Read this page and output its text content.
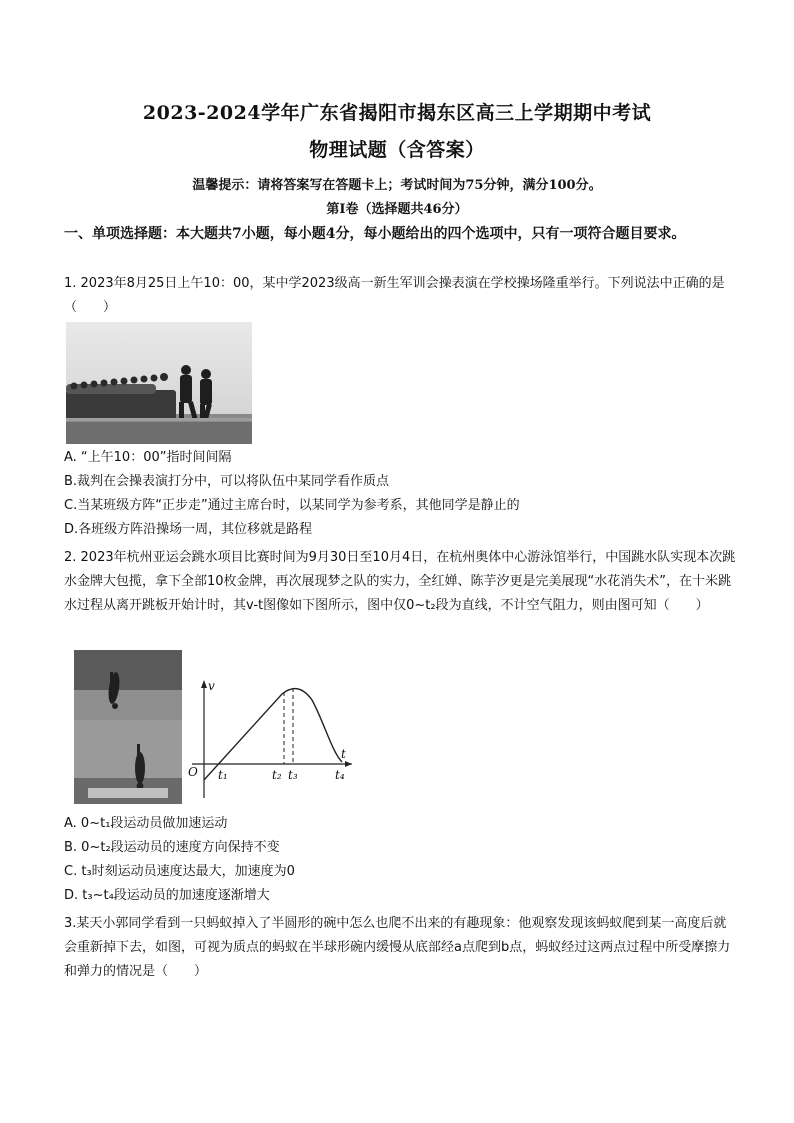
2023-2024学年广东省揭阳市揭东区高三上学期期中考试
物理试题（含答案）
温馨提示：请将答案写在答题卡上；考试时间为75分钟，满分100分。
第Ⅰ卷（选择题共46分）
一、单项选择题：本大题共7小题，每小题4分，每小题给出的四个选项中，只有一项符合题目要求。
1. 2023年8月25日上午10：00，某中学2023级高一新生军训会操表演在学校操场隆重举行。下列说法中正确的是（　　）
A. “上午10：00”指时间间隔
B.裁判在会操表演打分中，可以将队伍中某同学看作质点
C.当某班级方阵“正步走”通过主席台时，以某同学为参考系，其他同学是静止的
D.各班级方阵沿操场一周，其位移就是路程
2. 2023年杭州亚运会跳水项目比赛时间为9月30日至10月4日，在杭州奥体中心游泳馆举行，中国跳水队实现本次跳水金牌大包揽，拿下全部10枚金牌，再次展现梦之队的实力，全红婵、陈芋汐更是完美展现“水花消失术”，在十米跳水过程从离开跳板开始计时，其v-t图像如下图所示，图中仅0~t₂段为直线，不计空气阻力，则由图可知（　　）
v
t
O t₁	t₂ t₃	t₄
A. 0~t₁段运动员做加速运动
B. 0~t₂段运动员的速度方向保持不变
C. t₃时刻运动员速度达最大，加速度为0
D. t₃~t₄段运动员的加速度逐渐增大
3.某天小郭同学看到一只蚂蚁掉入了半圆形的碗中怎么也爬不出来的有趣现象：他观察发现该蚂蚁爬到某一高度后就会重新掉下去，如图，可视为质点的蚂蚁在半球形碗内缓慢从底部经a点爬到b点，蚂蚁经过这两点过程中所受摩擦力和弹力的情况是（　　）
